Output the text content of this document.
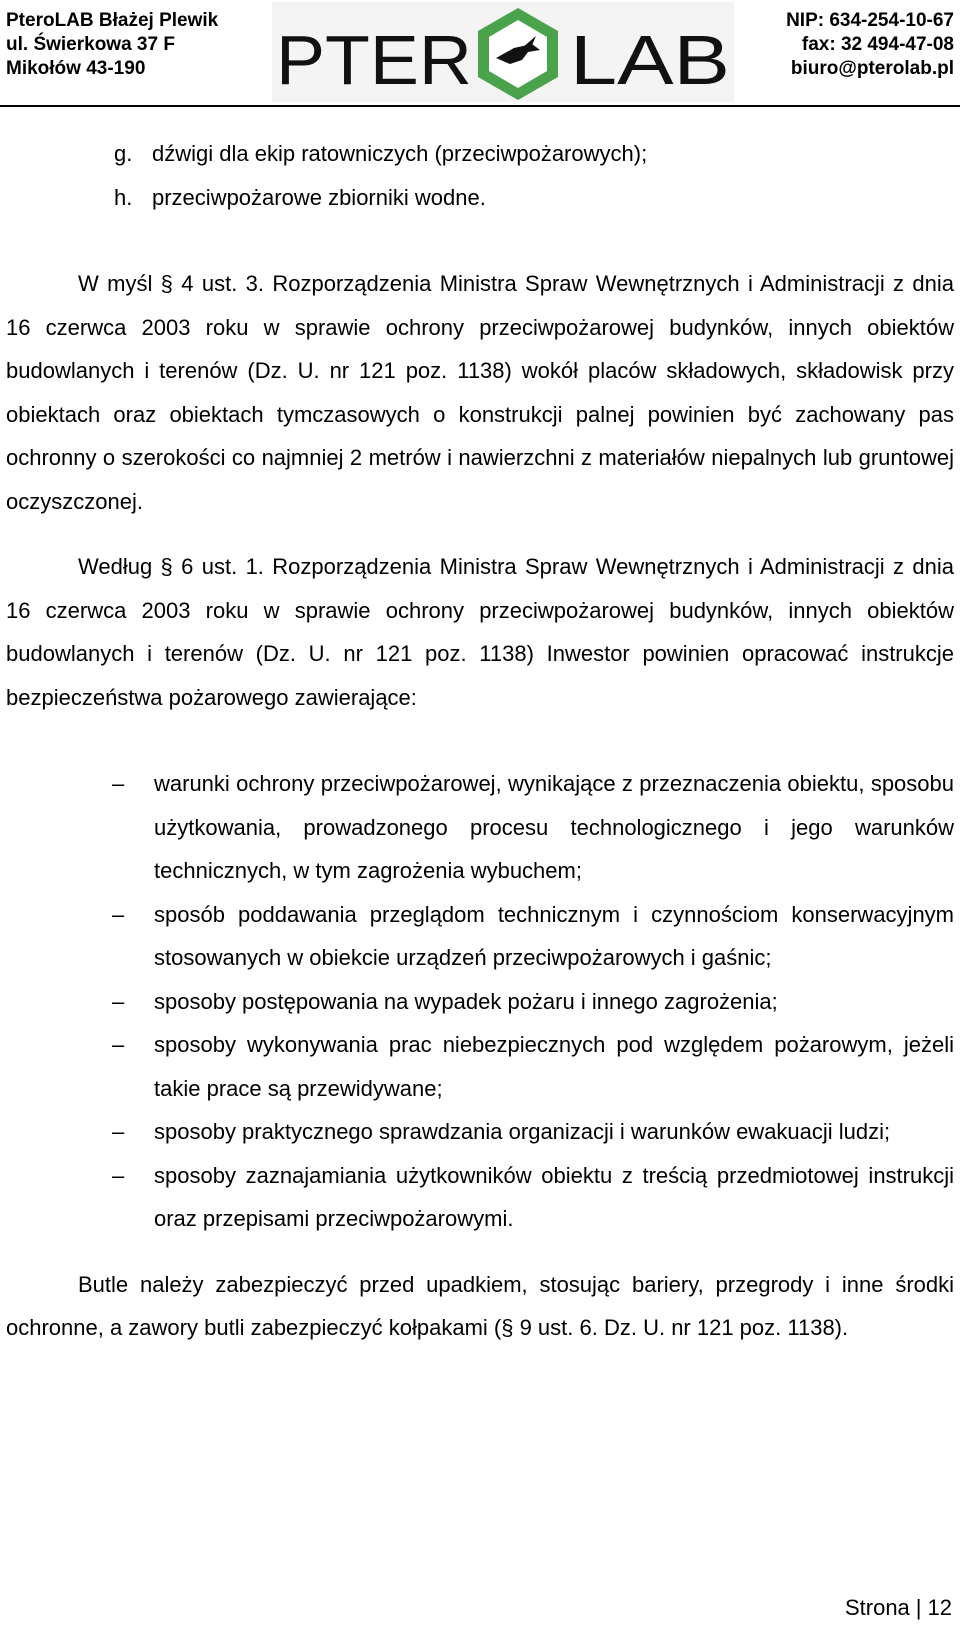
PteroLAB Błażej Plewik
ul. Świerkowa 37 F
Mikołów 43-190	PTER LAB
NIP: 634-254-10-67
fax: 32 494-47-08
biuro@pterolab.pl
g. dźwigi dla ekip ratowniczych (przeciwpożarowych);
h. przeciwpożarowe zbiorniki wodne.

W myśl § 4 ust. 3. Rozporządzenia Ministra Spraw Wewnętrznych i Administracji z dnia 16 czerwca 2003 roku w sprawie ochrony przeciwpożarowej budynków, innych obiektów budowlanych i terenów (Dz. U. nr 121 poz. 1138) wokół placów składowych, składowisk przy obiektach oraz obiektach tymczasowych o konstrukcji palnej powinien być zachowany pas ochronny o szerokości co najmniej 2 metrów i nawierzchni z materiałów niepalnych lub gruntowej oczyszczonej.

Według § 6 ust. 1. Rozporządzenia Ministra Spraw Wewnętrznych i Administracji z dnia 16 czerwca 2003 roku w sprawie ochrony przeciwpożarowej budynków, innych obiektów budowlanych i terenów (Dz. U. nr 121 poz. 1138) Inwestor powinien opracować instrukcje bezpieczeństwa pożarowego zawierające:

– warunki ochrony przeciwpożarowej, wynikające z przeznaczenia obiektu, sposobu użytkowania, prowadzonego procesu technologicznego i jego warunków technicznych, w tym zagrożenia wybuchem;
– sposób poddawania przeglądom technicznym i czynnościom konserwacyjnym stosowanych w obiekcie urządzeń przeciwpożarowych i gaśnic;
– sposoby postępowania na wypadek pożaru i innego zagrożenia;
– sposoby wykonywania prac niebezpiecznych pod względem pożarowym, jeżeli takie prace są przewidywane;
– sposoby praktycznego sprawdzania organizacji i warunków ewakuacji ludzi;
– sposoby zaznajamiania użytkowników obiektu z treścią przedmiotowej instrukcji oraz przepisami przeciwpożarowymi.

Butle należy zabezpieczyć przed upadkiem, stosując bariery, przegrody i inne środki ochronne, a zawory butli zabezpieczyć kołpakami (§ 9 ust. 6. Dz. U. nr 121 poz. 1138).

Strona | 12
